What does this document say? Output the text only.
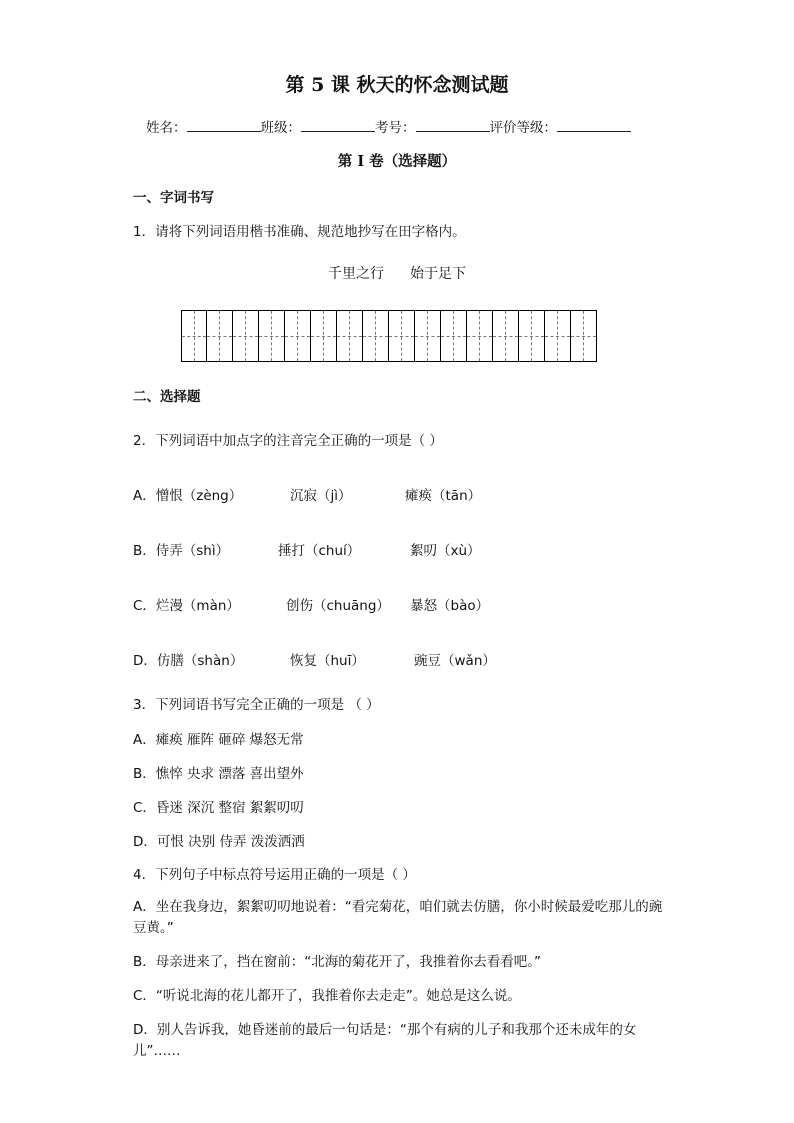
第 5 课 秋天的怀念测试题
姓名：	班级：	考号：	评价等级：
第 I 卷（选择题）
一、字词书写
1．请将下列词语用楷书准确、规范地抄写在田字格内。
千里之行 始于足下
二、选择题
2．下列词语中加点字的注音完全正确的一项是（ ）
A．憎恨（zèng）	沉寂（jì）	瘫痪（tān）
B．侍弄（shì）	捶打（chuí）	絮叨（xù）
C．烂漫（màn）	创伤（chuāng） 暴怒（bào）
D．仿膳（shàn）	恢复（huī）	豌豆（wǎn）
3．下列词语书写完全正确的一项是 （ ）
A．瘫痪 雁阵 砸碎 爆怒无常
B．憔悴 央求 漂落 喜出望外
C．昏迷 深沉 整宿 絮絮叨叨
D．可恨 决别 侍弄 泼泼洒洒
4．下列句子中标点符号运用正确的一项是（ ）
A．坐在我身边，絮絮叨叨地说着：“看完菊花，咱们就去仿膳，你小时候最爱吃那儿的豌豆黄。”
B．母亲进来了，挡在窗前：“北海的菊花开了，我推着你去看看吧。”
C．“听说北海的花儿都开了，我推着你去走走”。她总是这么说。
D．别人告诉我，她昏迷前的最后一句话是：“那个有病的儿子和我那个还未成年的女儿”……
